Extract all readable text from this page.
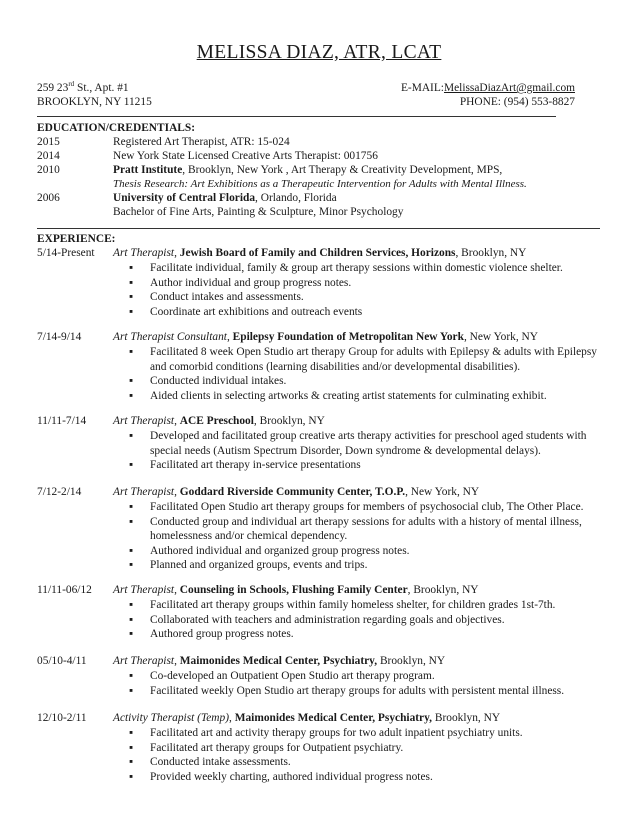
MELISSA DIAZ, ATR, LCAT
259 23rd St., Apt. #1	E-MAIL:MelissaDiazArt@gmail.com
BROOKLYN, NY 11215	PHONE: (954) 553-8827
EDUCATION/CREDENTIALS:
2015	Registered Art Therapist, ATR: 15-024
2014	New York State Licensed Creative Arts Therapist: 001756
2010	Pratt Institute, Brooklyn, New York , Art Therapy & Creativity Development, MPS,
Thesis Research: Art Exhibitions as a Therapeutic Intervention for Adults with Mental Illness.
2006	University of Central Florida, Orlando, Florida
Bachelor of Fine Arts, Painting & Sculpture, Minor Psychology
EXPERIENCE:
5/14-Present Art Therapist, Jewish Board of Family and Children Services, Horizons, Brooklyn, NY
▪ Facilitate individual, family & group art therapy sessions within domestic violence shelter.
▪ Author individual and group progress notes.
▪ Conduct intakes and assessments.
▪ Coordinate art exhibitions and outreach events
7/14-9/14	Art Therapist Consultant, Epilepsy Foundation of Metropolitan New York, New York, NY
▪ Facilitated 8 week Open Studio art therapy Group for adults with Epilepsy & adults with Epilepsy and comorbid conditions (learning disabilities and/or developmental disabilities).
▪ Conducted individual intakes.
▪ Aided clients in selecting artworks & creating artist statements for culminating exhibit.
11/11-7/14 Art Therapist, ACE Preschool, Brooklyn, NY
▪ Developed and facilitated group creative arts therapy activities for preschool aged students with special needs (Autism Spectrum Disorder, Down syndrome & developmental delays).
▪ Facilitated art therapy in-service presentations
7/12-2/14	Art Therapist, Goddard Riverside Community Center, T.O.P., New York, NY
▪ Facilitated Open Studio art therapy groups for members of psychosocial club, The Other Place.
▪ Conducted group and individual art therapy sessions for adults with a history of mental illness, homelessness and/or chemical dependency.
▪ Authored individual and organized group progress notes.
▪ Planned and organized groups, events and trips.
11/11-06/12 Art Therapist, Counseling in Schools, Flushing Family Center, Brooklyn, NY
▪ Facilitated art therapy groups within family homeless shelter, for children grades 1st-7th.
▪ Collaborated with teachers and administration regarding goals and objectives.
▪ Authored group progress notes.
05/10-4/11 Art Therapist, Maimonides Medical Center, Psychiatry, Brooklyn, NY
▪ Co-developed an Outpatient Open Studio art therapy program.
▪ Facilitated weekly Open Studio art therapy groups for adults with persistent mental illness.
12/10-2/11 Activity Therapist (Temp), Maimonides Medical Center, Psychiatry, Brooklyn, NY
▪ Facilitated art and activity therapy groups for two adult inpatient psychiatry units.
▪ Facilitated art therapy groups for Outpatient psychiatry.
▪ Conducted intake assessments.
▪ Provided weekly charting, authored individual progress notes.
